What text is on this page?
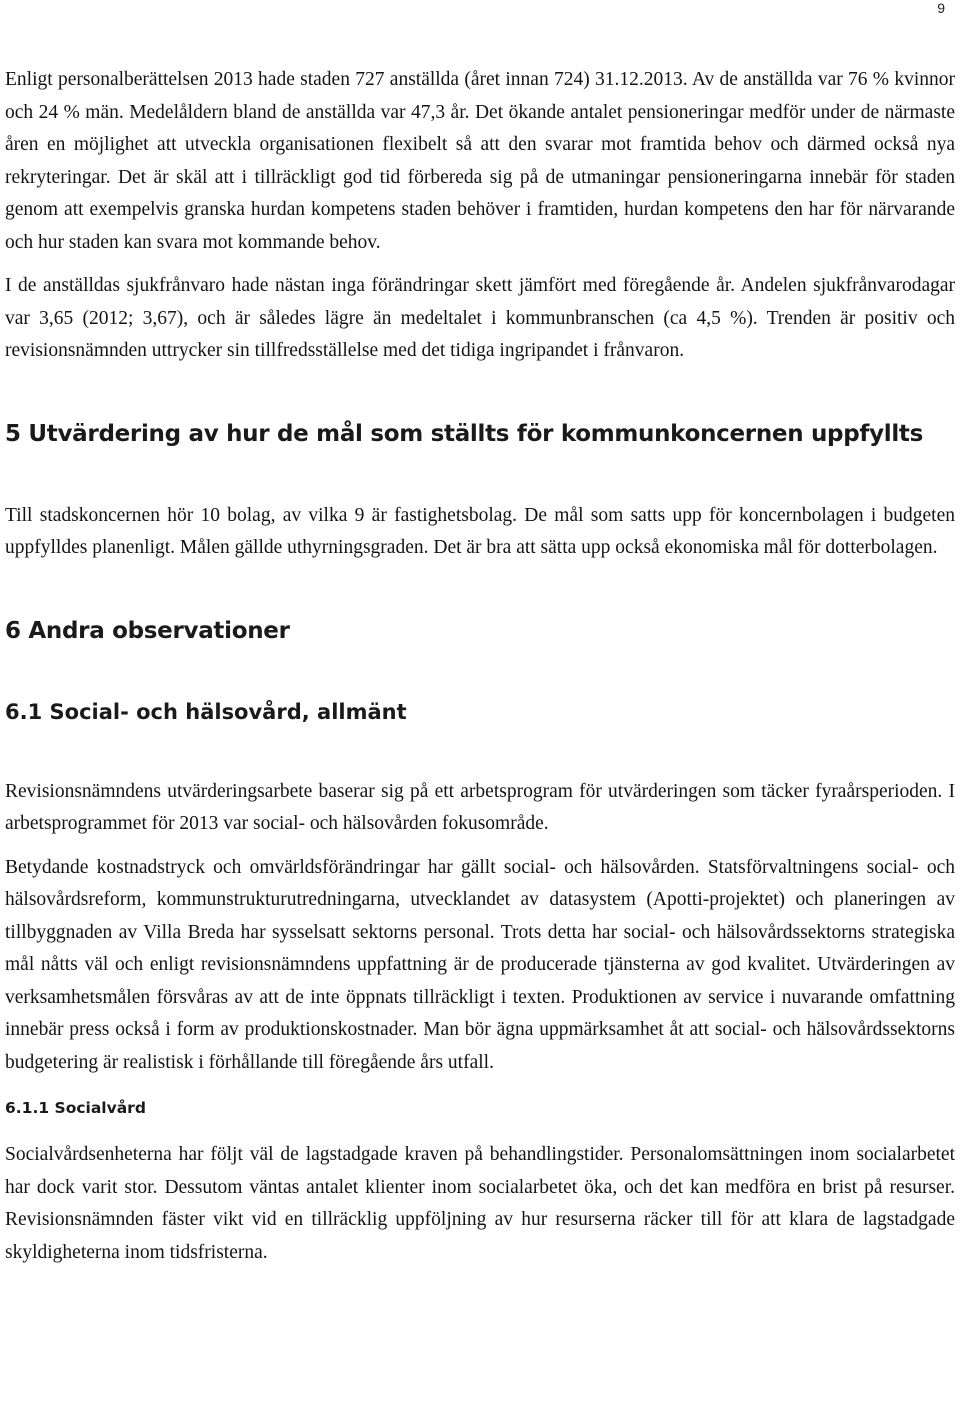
9

Enligt personalberättelsen 2013 hade staden 727 anställda (året innan 724) 31.12.2013. Av de anställda var 76 % kvinnor och 24 % män. Medelåldern bland de anställda var 47,3 år. Det ökande antalet pensioneringar medför under de närmaste åren en möjlighet att utveckla organisationen flexibelt så att den svarar mot framtida behov och därmed också nya rekryteringar. Det är skäl att i tillräckligt god tid förbereda sig på de utmaningar pensioneringarna innebär för staden genom att exempelvis granska hurdan kompetens staden behöver i framtiden, hurdan kompetens den har för närvarande och hur staden kan svara mot kommande behov.

I de anställdas sjukfrånvaro hade nästan inga förändringar skett jämfört med föregående år. Andelen sjukfrånvarodagar var 3,65 (2012; 3,67), och är således lägre än medeltalet i kommunbranschen (ca 4,5 %). Trenden är positiv och revisionsnämnden uttrycker sin tillfredsställelse med det tidiga ingripandet i frånvaron.

5 Utvärdering av hur de mål som ställts för kommunkoncernen uppfyllts

Till stadskoncernen hör 10 bolag, av vilka 9 är fastighetsbolag. De mål som satts upp för koncernbolagen i budgeten uppfylldes planenligt. Målen gällde uthyrningsgraden. Det är bra att sätta upp också ekonomiska mål för dotterbolagen.

6 Andra observationer
6.1 Social- och hälsovård, allmänt

Revisionsnämndens utvärderingsarbete baserar sig på ett arbetsprogram för utvärderingen som täcker fyraårsperioden. I arbetsprogrammet för 2013 var social- och hälsovården fokusområde.

Betydande kostnadstryck och omvärldsförändringar har gällt social- och hälsovården. Statsförvaltningens social- och hälsovårdsreform, kommunstrukturutredningarna, utvecklandet av datasystem (Apotti-projektet) och planeringen av tillbyggnaden av Villa Breda har sysselsatt sektorns personal. Trots detta har social- och hälsovårdssektorns strategiska mål nåtts väl och enligt revisionsnämndens uppfattning är de producerade tjänsterna av god kvalitet. Utvärderingen av verksamhetsmålen försvåras av att de inte öppnats tillräckligt i texten. Produktionen av service i nuvarande omfattning innebär press också i form av produktionskostnader. Man bör ägna uppmärksamhet åt att social- och hälsovårdssektorns budgetering är realistisk i förhållande till föregående års utfall.

6.1.1 Socialvård

Socialvårdsenheterna har följt väl de lagstadgade kraven på behandlingstider. Personalomsättningen inom socialarbetet har dock varit stor. Dessutom väntas antalet klienter inom socialarbetet öka, och det kan medföra en brist på resurser. Revisionsnämnden fäster vikt vid en tillräcklig uppföljning av hur resurserna räcker till för att klara de lagstadgade skyldigheterna inom tidsfristerna.
